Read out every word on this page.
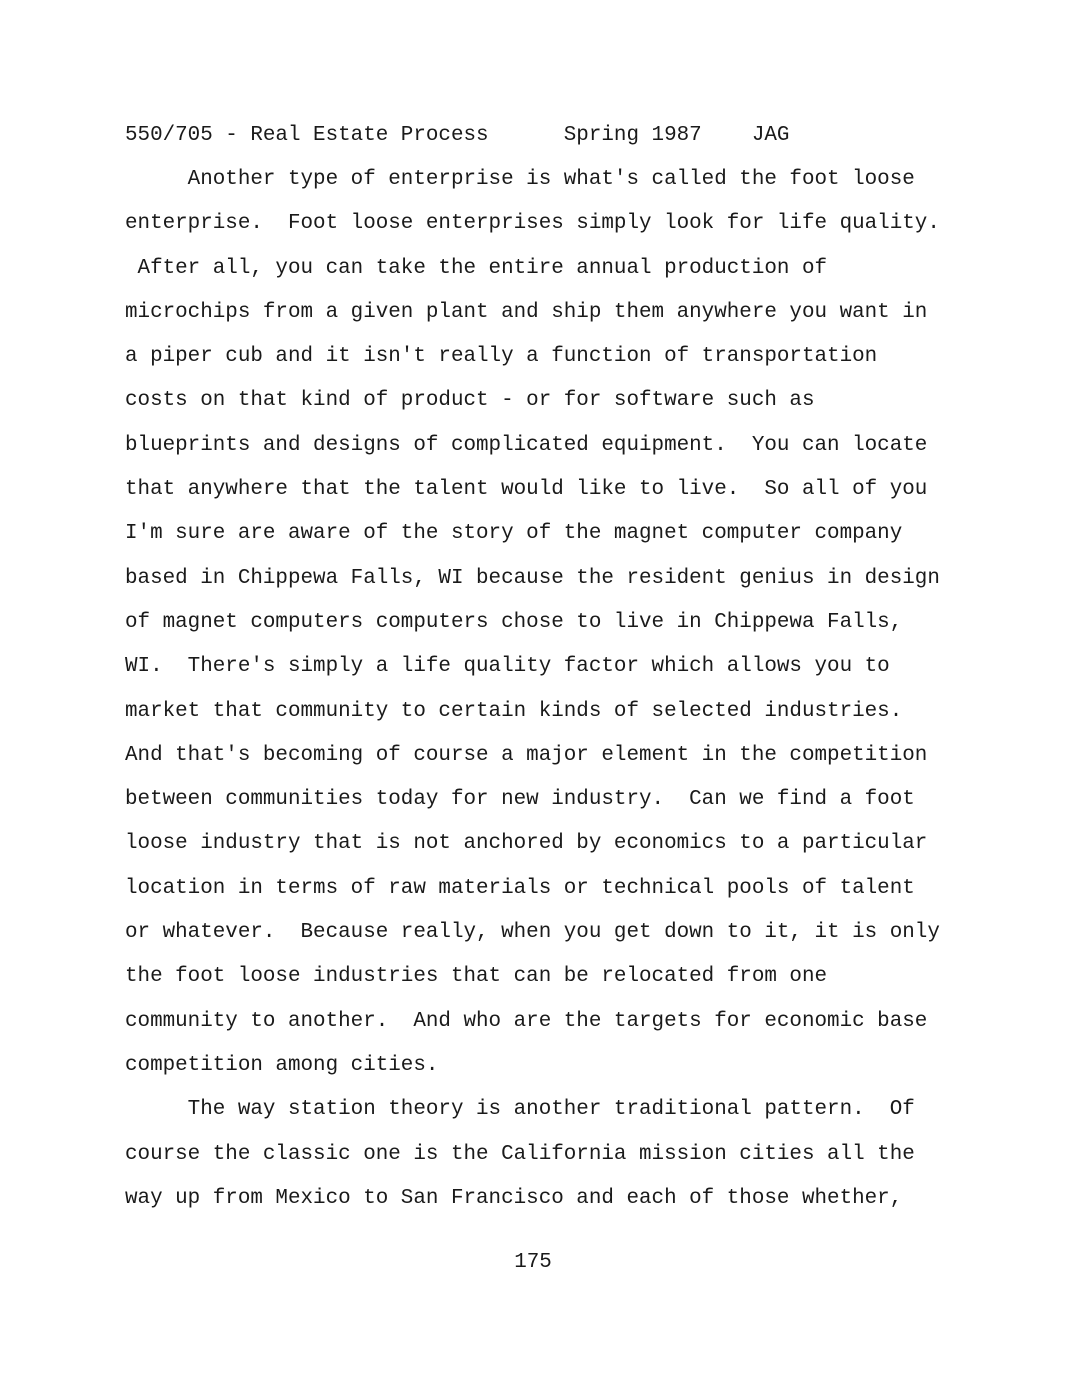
550/705 - Real Estate Process      Spring 1987    JAG
Another type of enterprise is what's called the foot loose
enterprise.  Foot loose enterprises simply look for life quality.
After all, you can take the entire annual production of
microchips from a given plant and ship them anywhere you want in
a piper cub and it isn't really a function of transportation
costs on that kind of product - or for software such as
blueprints and designs of complicated equipment.  You can locate
that anywhere that the talent would like to live.  So all of you
I'm sure are aware of the story of the magnet computer company
based in Chippewa Falls, WI because the resident genius in design
of magnet computers computers chose to live in Chippewa Falls,
WI.  There's simply a life quality factor which allows you to
market that community to certain kinds of selected industries.
And that's becoming of course a major element in the competition
between communities today for new industry.  Can we find a foot
loose industry that is not anchored by economics to a particular
location in terms of raw materials or technical pools of talent
or whatever.  Because really, when you get down to it, it is only
the foot loose industries that can be relocated from one
community to another.  And who are the targets for economic base
competition among cities.
The way station theory is another traditional pattern.  Of
course the classic one is the California mission cities all the
way up from Mexico to San Francisco and each of those whether,
175
